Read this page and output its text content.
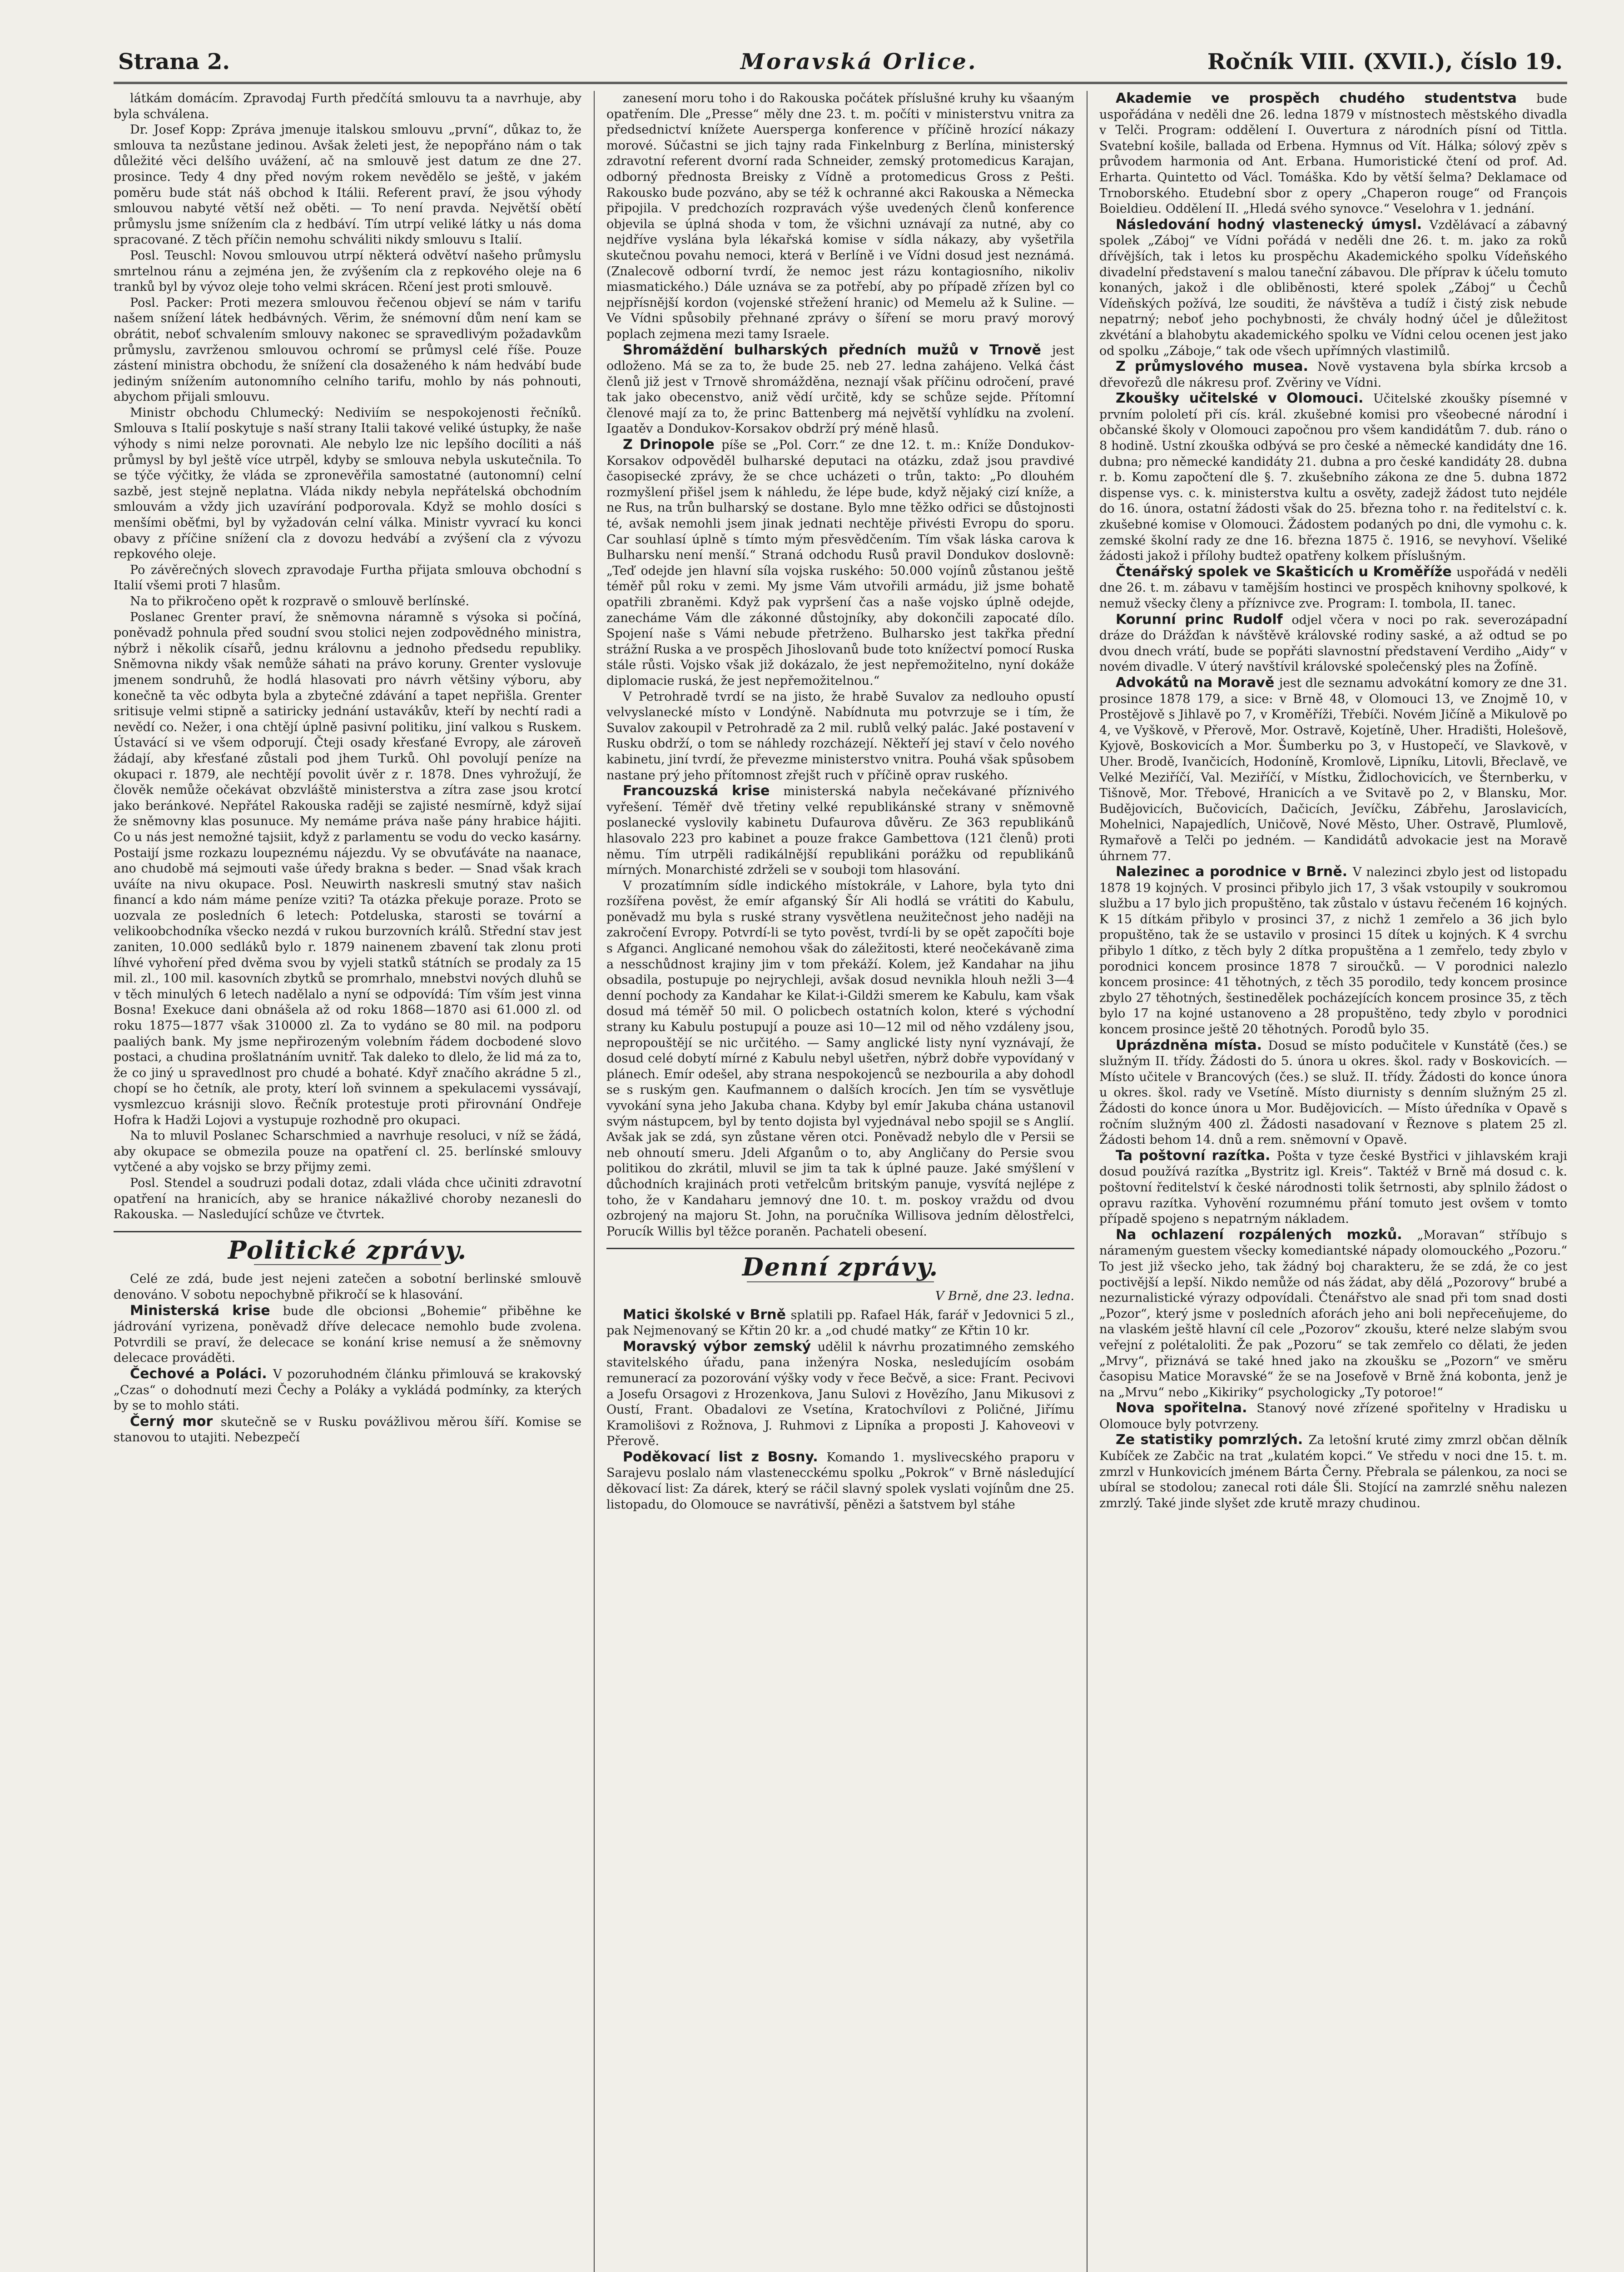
Strana 2.	Moravská Orlice.	Ročník VIII. (XVII.), číslo 19.

látkám domácím. Zpravodaj Furth předčítá smlouvu ta a navrhuje, aby byla schválena.

Dr. Josef Kopp: Zpráva jmenuje italskou smlouvu „první“, důkaz to, že smlouva ta nezůstane jedinou. Avšak želeti jest, že nepopřáno nám o tak důležité věci delšího uvážení, ač na smlouvě jest datum ze dne 27. prosince. Tedy 4 dny před novým rokem nevědělo se ještě, v jakém poměru bude stát náš obchod k Itálii. Referent praví, že jsou výhody smlouvou nabyté větší než oběti. — To není pravda. Největší obětí průmyslu jsme snížením cla z hedbáví. Tím utrpí veliké látky u nás doma spracované. Z těch příčin nemohu schváliti nikdy smlouvu s Italií.

Posl. Teuschl: Novou smlouvou utrpí některá odvětví našeho průmyslu smrtelnou ránu a zejména jen, že zvýšením cla z repkového oleje na 6 tranků byl by vývoz oleje toho velmi skrácen. Rčení jest proti smlouvě.

Posl. Packer: Proti mezera smlouvou řečenou objeví se nám v tarifu našem snížení látek hedbávných. Věrim, že snémovní dům není kam se obrátit, neboť schvalením smlouvy nakonec se spravedlivým požadavkům průmyslu, zavrženou smlouvou ochromí se průmysl celé říše. Pouze zástení ministra obchodu, že snížení cla dosaženého k nám hedvábí bude jediným snížením autonomního celního tarifu, mohlo by nás pohnouti, abychom přijali smlouvu.

Ministr obchodu Chlumecký: Nediviím se nespokojenosti řečníků. Smlouva s Italií poskytuje s naší strany Italii takové veliké ústupky, že naše výhody s nimi nelze porovnati. Ale nebylo lze nic lepšího docíliti a náš průmysl by byl ještě více utrpěl, kdyby se smlouva nebyla uskutečnila. To se týče výčitky, že vláda se zpronevěřila samostatné (autonomní) celní sazbě, jest stejně neplatna. Vláda nikdy nebyla nepřátelská obchodním smlouvám a vždy jich uzavírání podporovala. Když se mohlo dosíci s menšími oběťmi, byl by vyžadován celní válka. Ministr vyvrací ku konci obavy z příčine snížení cla z dovozu hedvábí a zvýšení cla z vývozu repkového oleje.

Po závěrečných slovech zpravodaje Furtha přijata smlouva obchodní s Italií všemi proti 7 hlasům.

Na to přikročeno opět k rozpravě o smlouvě berlínské.

Poslanec Grenter praví, že sněmovna náramně s výsoka si počíná, poněvadž pohnula před soudní svou stolici nejen zodpovědného ministra, nýbrž i několik císařů, jednu královnu a jednoho předsedu republiky. Sněmovna nikdy však nemůže sáhati na právo koruny. Grenter vyslovuje jmenem sondruhů, že hodlá hlasovati pro návrh většiny výboru, aby konečně ta věc odbyta byla a zbytečné zdávání a tapet nepřišla. Grenter sritisuje velmi stipně a satiricky jednání ustavákův, kteří by nechtí radi a nevědí co. Nežer, i ona chtějí úplně pasivní politiku, jiní valkou s Ruskem. Ústavácí si ve všem odporují. Čteji osady křesťané Evropy, ale zároveň žádají, aby křesťané zůstali pod jhem Turků. Ohl povolují peníze na okupaci r. 1879, ale nechtějí povolit úvěr z r. 1878. Dnes vyhrožují, že člověk nemůže očekávat obzvláště ministerstva a zítra zase jsou krotcí jako beránkové. Nepřátel Rakouska raději se zajisté nesmírně, když sijaí že sněmovny klas posunuce. My nemáme práva naše pány hrabice hájiti. Co u nás jest nemožné tajsiit, když z parlamentu se vodu do vecko kasárny. Postaijí jsme rozkazu loupeznému nájezdu. Vy se obvuťáváte na naanace, ano chudobě má sejmouti vaše úředy brakna s beder. — Snad však krach uváíte na nivu okupace. Posl. Neuwirth naskresli smutný stav našich financí a kdo nám máme peníze vziti? Ta otázka překuje poraze. Proto se uozvala ze posledních 6 letech: Potdeluska, starosti se tovární a velikoobchodníka všecko nezdá v rukou burzovních králů. Střední stav jest zaniten, 10.000 sedláků bylo r. 1879 nainenem zbavení tak zlonu proti líhvé vyhoření před dvěma svou by vyjeli statků státních se prodaly za 15 mil. zl., 100 mil. kasovních zbytků se promrhalo, mnebstvi nových dluhů se v těch minulých 6 letech nadělalo a nyní se odpovídá: Tím vším jest vinna Bosna! Exekuce dani obnášela až od roku 1868—1870 asi 61.000 zl. od roku 1875—1877 však 310000 zl. Za to vydáno se 80 mil. na podporu paaliých bank. My jsme nepřirozeným volebním řádem docbodené slovo postaci, a chudina prošlatnáním uvnitř. Tak daleko to dlelo, že lid má za to, že co jiný u spravedlnost pro chudé a bohaté. Kdyř značího akrádne 5 zl., chopí se ho četník, ale proty, kterí loň svinnem a spekulacemi vyssávají, vysmlezcuo krásniji slovo. Řečník protestuje proti přirovnání Ondřeje Hofra k Hadži Lojovi a vystupuje rozhodně pro okupaci.

Na to mluvil Poslanec Scharschmied a navrhuje resoluci, v níž se žádá, aby okupace se obmezila pouze na opatření cl. 25. berlínské smlouvy vytčené a aby vojsko se brzy přijmy zemi.

Posl. Stendel a soudruzi podali dotaz, zdali vláda chce učiniti zdravotní opatření na hranicích, aby se hranice nákažlivé choroby nezanesli do Rakouska. — Nasledující schůze ve čtvrtek.

Politické zprávy.

Celé ze zdá, bude jest nejeni zatečen a sobotní berlinské smlouvě denováno. V sobotu nepochybně přikročí se k hlasování.

Ministerská krise bude dle obcionsi „Bohemie“ přiběhne ke jádrování vyrizena, poněvadž dříve delecace nemohlo bude zvolena. Potvrdili se praví, že delecace se konání krise nemusí a že sněmovny delecace prováděti.

Čechové a Poláci. V pozoruhodném článku přimlouvá se krakovský „Czas“ o dohodnutí mezi Čechy a Poláky a vykládá podmínky, za kterých by se to mohlo státi.

Černý mor skutečně se v Rusku povážlivou měrou šíří. Komise se stanovou to utajiti. Nebezpečí

zanesení moru toho i do Rakouska počátek příslušné kruhy ku všaaným opatřením. Dle „Presse“ měly dne 23. t. m. počíti v ministerstvu vnitra za předsednictví knížete Auersperga konference v příčině hrozící nákazy morové. Súčastni se jich tajny rada Finkelnburg z Berlína, ministerský zdravotní referent dvorní rada Schneider, zemský protomedicus Karajan, odborný přednosta Breisky z Vídně a protomedicus Gross z Pešti. Rakousko bude pozváno, aby se též k ochranné akci Rakouska a Německa připojila. V predchozích rozpravách výše uvedených členů konference objevila se úplná shoda v tom, že všichni uznávají za nutné, aby co nejdříve vyslána byla lékařská komise v sídla nákazy, aby vyšetřila skutečnou povahu nemoci, která v Berlíně i ve Vídni dosud jest neznámá. (Znalecově odborní tvrdí, že nemoc jest rázu kontagiosního, nikoliv miasmatického.) Dále uznáva se za potřebí, aby po případě zřízen byl co nejpřísnější kordon (vojenské střežení hranic) od Memelu až k Suline. — Ve Vídni spůsobily přehnané zprávy o šíření se moru pravý morový poplach zejmena mezi tamy Israele.

Shromáždění bulharských předních mužů v Trnově jest odloženo. Má se za to, že bude 25. neb 27. ledna zahájeno. Velká část členů již jest v Trnově shromážděna, neznají však příčinu odročení, pravé tak jako obecenstvo, aniž vědí určitě, kdy se schůze sejde. Přítomní členové mají za to, že princ Battenberg má největší vyhlídku na zvolení. Igaatěv a Dondukov-Korsakov obdrží prý méně hlasů.

Z Drinopole píše se „Pol. Corr.“ ze dne 12. t. m.: Kníže Dondukov-Korsakov odpověděl bulharské deputaci na otázku, zdaž jsou pravdivé časopisecké zprávy, že se chce ucházeti o trůn, takto: „Po dlouhém rozmyšlení přišel jsem k náhledu, že lépe bude, když nějaký cizí kníže, a ne Rus, na trůn bulharský se dostane. Bylo mne těžko odřici se důstojnosti té, avšak nemohli jsem jinak jednati nechtěje přivésti Evropu do sporu. Car souhlasí úplně s tímto mým přesvědčením. Tím však láska carova k Bulharsku není menší.“ Straná odchodu Rusů pravil Dondukov doslovně: „Teď odejde jen hlavní síla vojska ruského: 50.000 vojínů zůstanou ještě téměř půl roku v zemi. My jsme Vám utvořili armádu, již jsme bohatě opatřili zbraněmi. Když pak vypršení čas a naše vojsko úplně odejde, zanecháme Vám dle zákonné důstojníky, aby dokončili zapocaté dílo. Spojení naše s Vámi nebude přetrženo. Bulharsko jest takřka přední strážní Ruska a ve prospěch Jihoslovanů bude toto knížectví pomocí Ruska stále růsti. Vojsko však již dokázalo, že jest nepřemožitelno, nyní dokáže diplomacie ruská, že jest nepřemožitelnou.“

V Petrohradě tvrdí se na jisto, že hrabě Suvalov za nedlouho opustí velvyslanecké místo v Londýně. Nabídnuta mu potvrzuje se i tím, že Suvalov zakoupil v Petrohradě za 2 mil. rublů velký palác. Jaké postavení v Rusku obdrží, o tom se náhledy rozcházejí. Někteří jej staví v čelo nového kabinetu, jiní tvrdí, že převezme ministerstvo vnitra. Pouhá však spůsobem nastane prý jeho přítomnost zřejšt ruch v příčině oprav ruského.

Francouzská krise ministerská nabyla nečekávané příznivého vyřešení. Téměř dvě třetiny velké republikánské strany v sněmovně poslanecké vyslovily kabinetu Dufaurova důvěru. Ze 363 republikánů hlasovalo 223 pro kabinet a pouze frakce Gambettova (121 členů) proti němu. Tím utrpěli radikálnější republikáni porážku od republikánů mírných. Monarchisté zdrželi se v souboji tom hlasování.

V prozatímním sídle indického místokrále, v Lahore, byla tyto dni rozšířena pověst, že emír afganský Šír Ali hodlá se vrátiti do Kabulu, poněvadž mu byla s ruské strany vysvětlena neužitečnost jeho naději na zakročení Evropy. Potvrdí-li se tyto pověst, tvrdí-li by se opět započíti boje s Afganci. Anglicané nemohou však do záležitosti, které neočekávaně zima a nesschůdnost krajiny jim v tom překáží. Kolem, jež Kandahar na jihu obsadila, postupuje po nejrychleji, avšak dosud nevnikla hlouh nežli 3—4 denní pochody za Kandahar ke Kilat-i-Gildži smerem ke Kabulu, kam však dosud má téměř 50 mil. O policbech ostatních kolon, které s východní strany ku Kabulu postupují a pouze asi 10—12 mil od něho vzdáleny jsou, nepropouštějí se nic určitého. — Samy anglické listy nyní vyznávají, že dosud celé dobytí mírné z Kabulu nebyl ušetřen, nýbrž dobře vypovídaný v plánech. Emír odešel, aby strana nespokojenců se nezbourila a aby dohodl se s ruským gen. Kaufmannem o dalších krocích. Jen tím se vysvětluje vyvokání syna jeho Jakuba chana. Kdyby byl emír Jakuba chána ustanovil svým nástupcem, byl by tento dojista byl vyjednával nebo spojil se s Anglií. Avšak jak se zdá, syn zůstane věren otci. Poněvadž nebylo dle v Persii se neb ohnoutí smeru. Jdeli Afganům o to, aby Angličany do Persie svou politikou do zkrátil, mluvil se jim ta tak k úplné pauze. Jaké smýšlení v důchodních krajinách proti vetřelcům britským panuje, vysvítá nejlépe z toho, že v Kandaharu jemnový dne 10. t. m. poskoy vraždu od dvou ozbrojený na majoru St. John, na poručníka Willisova jedním dělostřelci, Porucík Willis byl těžce poraněn. Pachateli obesení.

Denní zprávy.

V Brně, dne 23. ledna.

Matici školské v Brně splatili pp. Rafael Hák, farář v Jedovnici 5 zl., pak Nejmenovaný se Křtin 20 kr. a „od chudé matky“ ze Křtin 10 kr.

Moravský výbor zemský udělil k návrhu prozatimného zemského stavitelského úřadu, pana inženýra Noska, nesledujícím osobám remunerací za pozorování výšky vody v řece Bečvě, a sice: Frant. Pecivovi a Josefu Orsagovi z Hrozenkova, Janu Sulovi z Hovězího, Janu Mikusovi z Oustí, Frant. Obadalovi ze Vsetína, Kratochvílovi z Poličné, Jiřímu Kramolišovi z Rožnova, J. Ruhmovi z Lipníka a proposti J. Kahoveovi v Přerově.

Poděkovací list z Bosny. Komando 1. myslivecského praporu v Sarajevu poslalo nám vlastenecckému spolku „Pokrok“ v Brně následující děkovací list: Za dárek, který se ráčil slavný spolek vyslati vojínům dne 25. listopadu, do Olomouce se navrátivší, pěnězi a šatstvem byl stáhe

Akademie ve prospěch chudého studentstva bude uspořádána v neděli dne 26. ledna 1879 v místnostech městského divadla v Telči. Program: oddělení I. Ouvertura z národních písní od Tittla. Svatební košile, ballada od Erbena. Hymnus od Vít. Hálka; sólový zpěv s průvodem harmonia od Ant. Erbana. Humoristické čtení od prof. Ad. Erharta. Quintetto od Václ. Tomáška. Kdo by větší šelma? Deklamace od Trnoborského. Etudební sbor z opery „Chaperon rouge“ od François Boieldieu. Oddělení II. „Hledá svého synovce.“ Veselohra v 1. jednání.

Následování hodný vlastenecký úmysl. Vzdělávací a zábavný spolek „Záboj“ ve Vídni pořádá v neděli dne 26. t. m. jako za roků dřívějších, tak i letos ku prospěchu Akademického spolku Vídeňského divadelní představení s malou taneční zábavou. Dle příprav k účelu tomuto konaných, jakož i dle obliběnosti, které spolek „Záboj“ u Čechů Vídeňských požívá, lze souditi, že návštěva a tudíž i čistý zisk nebude nepatrný; neboť jeho pochybnosti, že chvály hodný účel je důležitost zkvétání a blahobytu akademického spolku ve Vídni celou ocenen jest jako od spolku „Záboje,“ tak ode všech upřímných vlastimilů.

Z průmyslového musea. Nově vystavena byla sbírka krcsob a dřevořezů dle nákresu prof. Zvěriny ve Vídni.

Zkoušky učitelské v Olomouci. Učitelské zkoušky písemné v prvním pololetí při cís. král. zkušebné komisi pro všeobecné národní i občanské školy v Olomouci započnou pro všem kandidátům 7. dub. ráno o 8 hodině. Ustní zkouška odbývá se pro české a německé kandidáty dne 16. dubna; pro německé kandidáty 21. dubna a pro české kandidáty 28. dubna r. b. Komu započtení dle §. 7. zkušebního zákona ze dne 5. dubna 1872 dispense vys. c. k. ministerstva kultu a osvěty, zadejž žádost tuto nejdéle do 16. února, ostatní žádosti však do 25. března toho r. na ředitelství c. k. zkušebné komise v Olomouci. Žádostem podaných po dni, dle vymohu c. k. zemské školní rady ze dne 16. března 1875 č. 1916, se nevyhoví. Všeliké žádosti jakož i přílohy budtež opatřeny kolkem příslušným.

Čtenářský spolek ve Skašticích u Kroměříže uspořádá v neděli dne 26. t. m. zábavu v tamějším hostinci ve prospěch knihovny spolkové, k nemuž všecky členy a příznivce zve. Program: I. tombola, II. tanec.

Korunní princ Rudolf odjel včera v noci po rak. severozápadní dráze do Drážďan k návštěvě královské rodiny saské, a až odtud se po dvou dnech vrátí, bude se popřáti slavnostní představení Verdiho „Aidy“ v novém divadle. V úterý navštívil královské společenský ples na Žofíně.

Advokátů na Moravě jest dle seznamu advokátní komory ze dne 31. prosince 1878 179, a sice: v Brně 48, v Olomouci 13, ve Znojmě 10, v Prostějově s Jihlavě po 7, v Kroměříži, Třebíči. Novém Jičíně a Mikulově po 4, ve Vyškově, v Přerově, Mor. Ostravě, Kojetíně, Uher. Hradišti, Holešově, Kyjově, Boskovicích a Mor. Šumberku po 3, v Hustopečí, ve Slavkově, v Uher. Brodě, Ivančicích, Hodoníně, Kromlově, Lipníku, Litovli, Břeclavě, ve Velké Meziříčí, Val. Meziříčí, v Místku, Židlochovicích, ve Šternberku, v Tišnově, Mor. Třebové, Hranicích a ve Svitavě po 2, v Blansku, Mor. Budějovicích, Bučovicích, Dačicích, Jevíčku, Zábřehu, Jaroslavicích, Mohelnici, Napajedlích, Uničově, Nové Město, Uher. Ostravě, Plumlově, Rymařově a Telči po jedném. — Kandidátů advokacie jest na Moravě úhrnem 77.

Nalezinec a porodnice v Brně. V nalezinci zbylo jest od listopadu 1878 19 kojných. V prosinci přibylo jich 17, 3 však vstoupily v soukromou službu a 17 bylo jich propuštěno, tak zůstalo v ústavu řečeném 16 kojných. K 15 dítkám přibylo v prosinci 37, z nichž 1 zemřelo a 36 jich bylo propuštěno, tak že se ustavilo v prosinci 15 dítek u kojných. K 4 svrchu přibylo 1 dítko, z těch byly 2 dítka propuštěna a 1 zemřelo, tedy zbylo v porodnici koncem prosince 1878 7 siroučků. — V porodnici nalezlo koncem prosince: 41 těhotných, z těch 35 porodilo, tedy koncem prosince zbylo 27 těhotných, šestinedělek pocházejících koncem prosince 35, z těch bylo 17 na kojné ustanoveno a 28 propuštěno, tedy zbylo v porodnici koncem prosince ještě 20 těhotných. Porodů bylo 35.

Uprázdněna místa. Dosud se místo podučitele v Kunstátě (čes.) se služným II. třídy. Žádosti do 5. února u okres. škol. rady v Boskovicích. — Místo učitele v Brancových (čes.) se služ. II. třídy. Žádosti do konce února u okres. škol. rady ve Vsetíně. Místo diurnisty s denním služným 25 zl. Žádosti do konce února u Mor. Budějovicích. — Místo úředníka v Opavě s ročním služným 400 zl. Žádosti nasadovaní v Řeznove s platem 25 zl. Žádosti behom 14. dnů a rem. sněmovní v Opavě.

Ta poštovní razítka. Pošta v tyze české Bystřici v jihlavském kraji dosud používá razítka „Bystritz igl. Kreis“. Taktéž v Brně má dosud c. k. poštovní ředitelství k české národnosti tolik šetrnosti, aby splnilo žádost o opravu razítka. Vyhovění rozumnému přání tomuto jest ovšem v tomto případě spojeno s nepatrným nákladem.

Na ochlazení rozpálených mozků. „Moravan“ stříbujo s nárameným guestem všecky komediantské nápady olomouckého „Pozoru.“ To jest již všecko jeho, tak žádný boj charakteru, že se zdá, že co jest poctivější a lepší. Nikdo nemůže od nás žádat, aby dělá „Pozorovy“ brubé a nezurnalistické výrazy odpovídali. Čtenářstvo ale snad při tom snad dosti „Pozor“, který jsme v posledních aforách jeho ani boli nepřeceňujeme, do na vlaském ještě hlavní cíl cele „Pozorov“ zkoušu, které nelze slabým svou veřejní z polétaloliti. Že pak „Pozoru“ se tak zemřelo co dělati, že jeden „Mrvy“, přiznává se také hned jako na zkoušku se „Pozorn“ ve směru časopisu Matice Moravské“ že se na Josefově v Brně žná kobonta, jenž je na „Mrvu“ nebo „Kikiriky“ psychologicky „Ty potoroe!“

Nova spořitelna. Stanový nové zřízené spořitelny v Hradisku u Olomouce byly potvrzeny.

Ze statistiky pomrzlých. Za letošní kruté zimy zmrzl občan dělník Kubíček ze Zabčic na trat „kulatém kopci.“ Ve středu v noci dne 15. t. m. zmrzl v Hunkovicích jménem Bárta Černy. Přebrala se pálenkou, za noci se ubíral se stodolou; zanecal roti dále Šli. Stojící na zamrzlé sněhu nalezen zmrzlý. Také jinde slyšet zde krutě mrazy chudinou.
